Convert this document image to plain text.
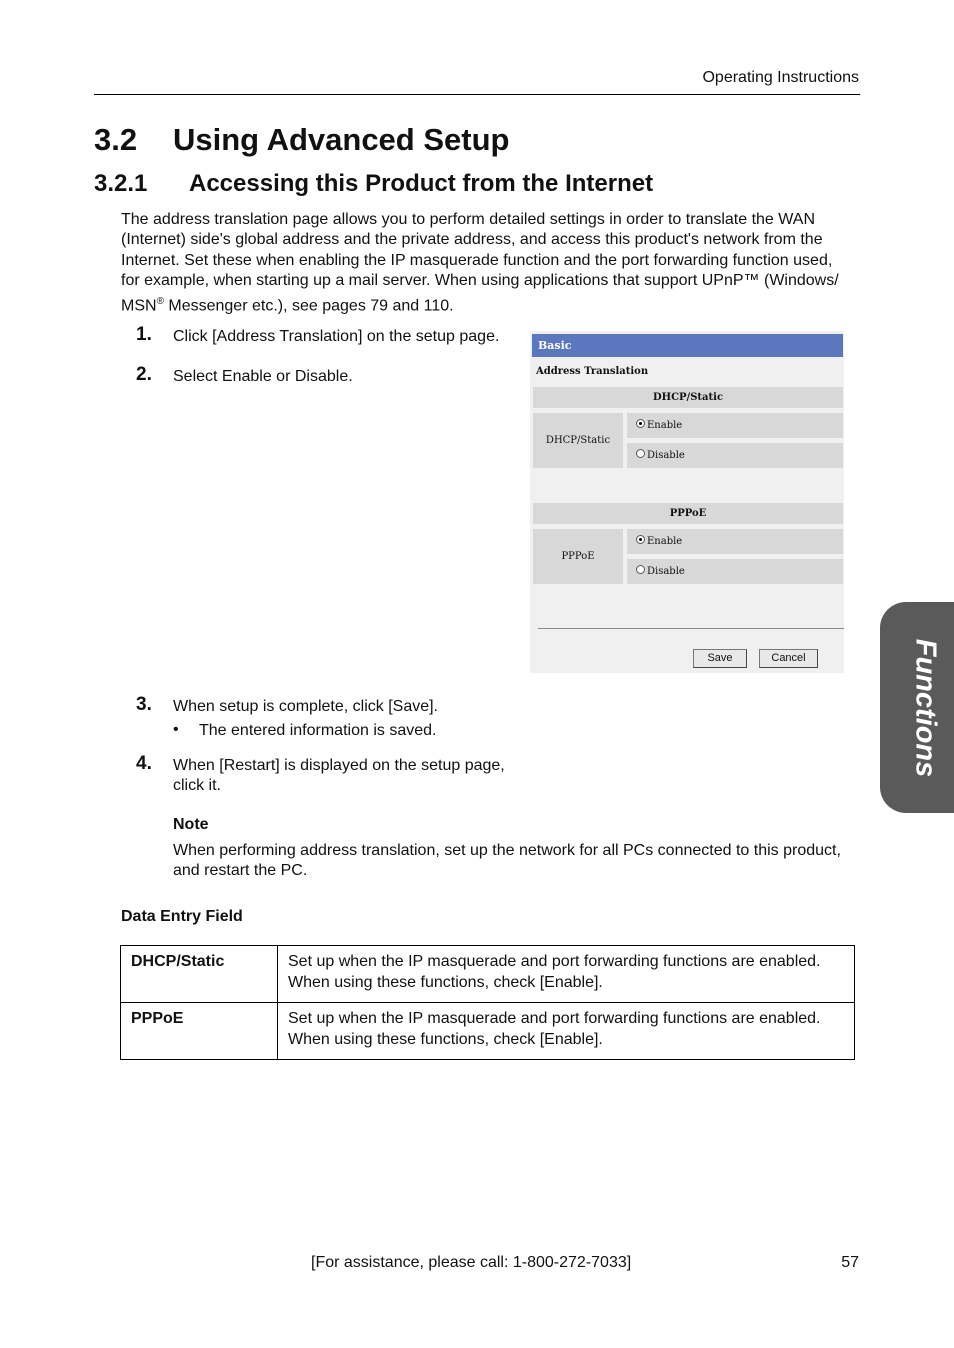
Operating Instructions
3.2 Using Advanced Setup
3.2.1 Accessing this Product from the Internet
The address translation page allows you to perform detailed settings in order to translate the WAN
(Internet) side's global address and the private address, and access this product's network from the
Internet. Set these when enabling the IP masquerade function and the port forwarding function used,
for example, when starting up a mail server. When using applications that support UPnP™ (Windows/
MSN® Messenger etc.), see pages 79 and 110.
1. Click [Address Translation] on the setup page.
2. Select Enable or Disable.
Basic
Address Translation
DHCP/Static
DHCP/Static
Enable
Disable
PPPoE
PPPoE
Enable
Disable
Save	Cancel
3. When setup is complete, click [Save].
• The entered information is saved.
4. When [Restart] is displayed on the setup page,
click it.
Note
When performing address translation, set up the network for all PCs connected to this product,
and restart the PC.
Data Entry Field
DHCP/Static	Set up when the IP masquerade and port forwarding functions are enabled.
When using these functions, check [Enable].

PPPoE	Set up when the IP masquerade and port forwarding functions are enabled.
When using these functions, check [Enable].
Functions
[For assistance, please call: 1-800-272-7033]	57
